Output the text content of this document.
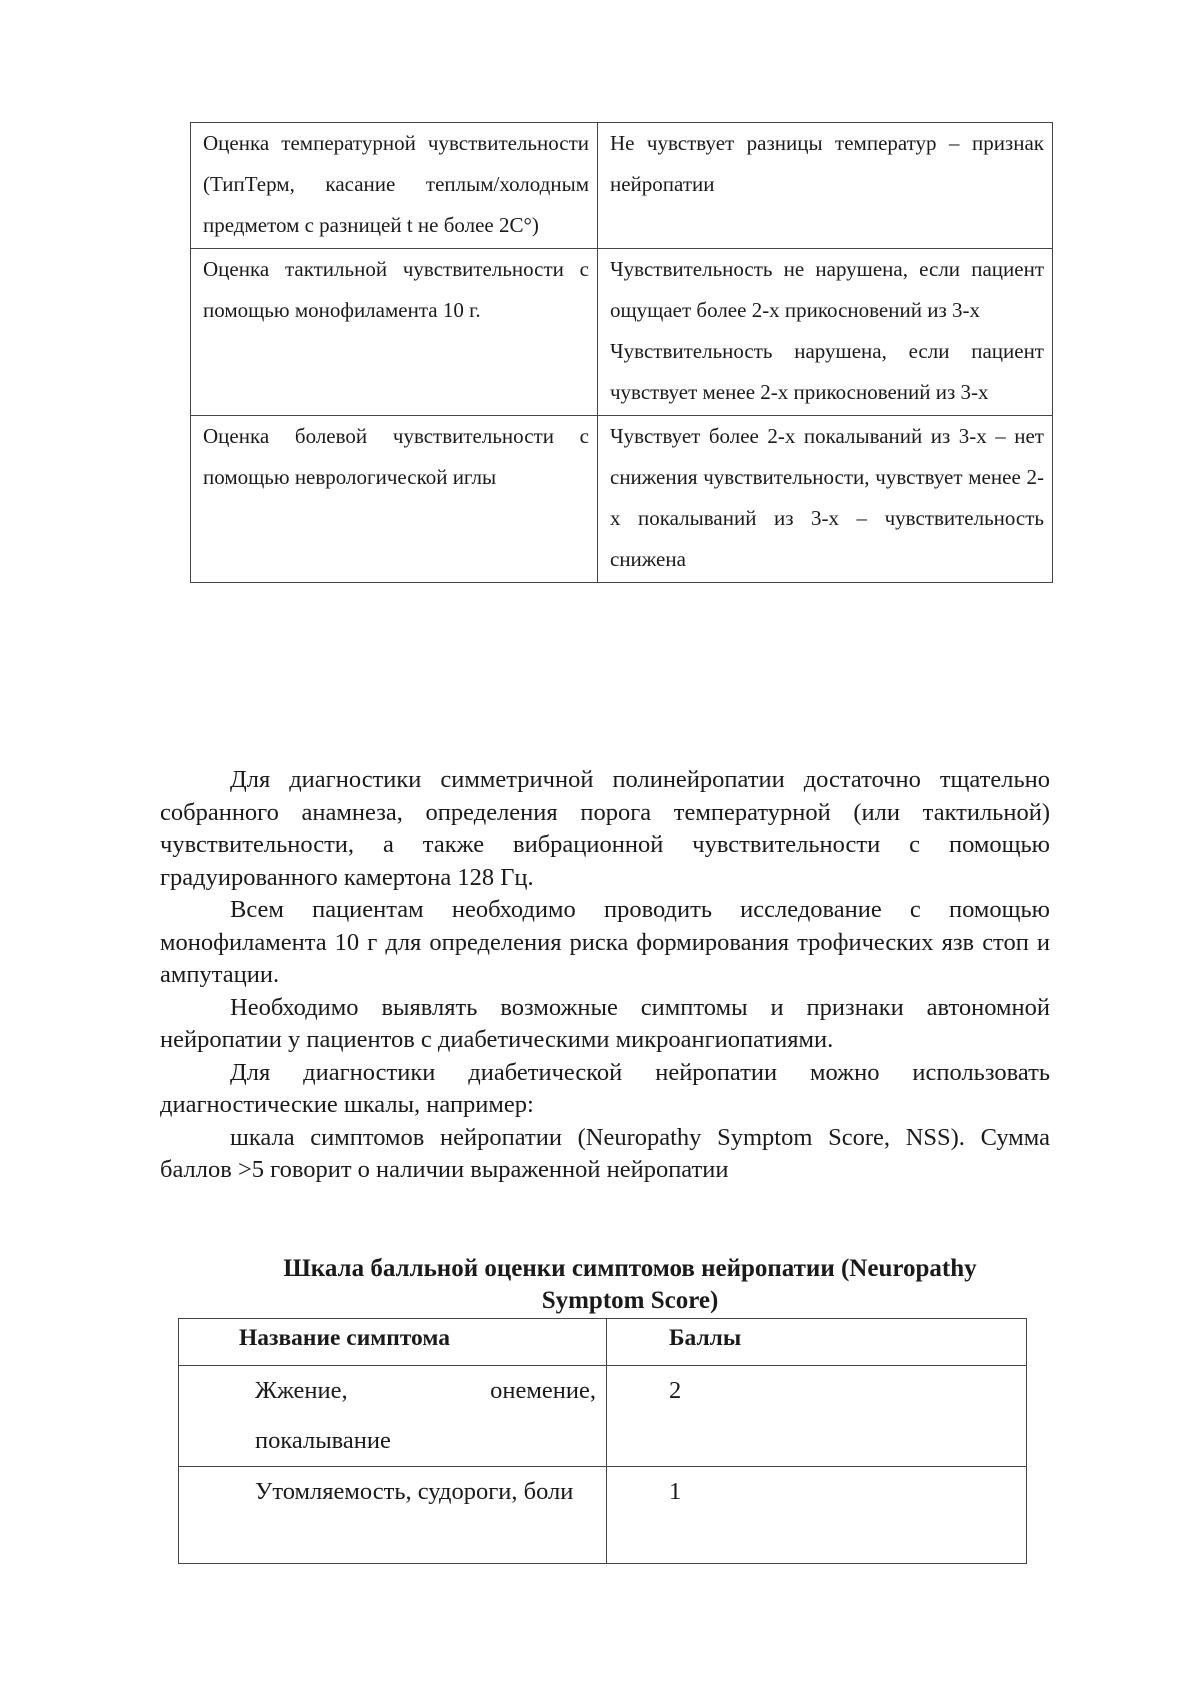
Оценка температурной чувствительности (ТипТерм, касание теплым/холодным предметом с разницей t не более 2С°)	Не чувствует разницы температур – признак нейропатии

Оценка тактильной чувствительности с помощью монофиламента 10 г.	Чувствительность не нарушена, если пациент ощущает более 2-х прикосновений из 3-х
Чувствительность нарушена, если пациент чувствует менее 2-х прикосновений из 3-х

Оценка болевой чувствительности с помощью неврологической иглы	Чувствует более 2-х покалываний из 3-х – нет снижения чувствительности, чувствует менее 2-х покалываний из 3-х – чувствительность снижена

Для диагностики симметричной полинейропатии достаточно тщательно собранного анамнеза, определения порога температурной (или тактильной) чувствительности, а также вибрационной чувствительности с помощью градуированного камертона 128 Гц.

Всем пациентам необходимо проводить исследование с помощью монофиламента 10 г для определения риска формирования трофических язв стоп и ампутации.

Необходимо выявлять возможные симптомы и признаки автономной нейропатии у пациентов с диабетическими микроангиопатиями.

Для диагностики диабетической нейропатии можно использовать диагностические шкалы, например:

шкала симптомов нейропатии (Neuropathy Symptom Score, NSS). Сумма баллов >5 говорит о наличии выраженной нейропатии

Шкала балльной оценки симптомов нейропатии (Neuropathy Symptom Score)
Название симптома	Баллы
Жжение, онемение, покалывание	2
Утомляемость, судороги, боли	1
